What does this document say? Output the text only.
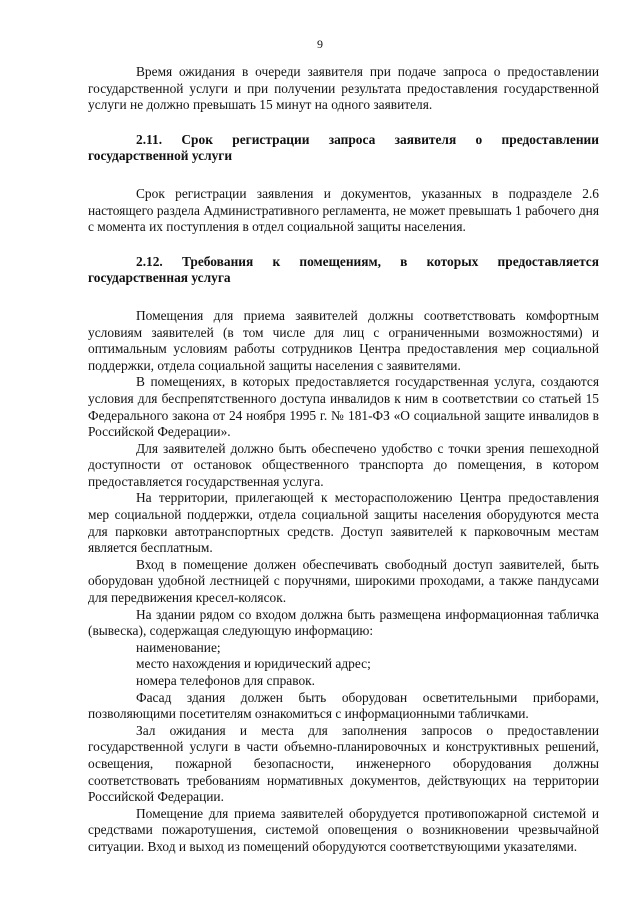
9

Время ожидания в очереди заявителя при подаче запроса о предоставлении государственной услуги и при получении результата предоставления государственной услуги не должно превышать 15 минут на одного заявителя.

2.11. Срок регистрации запроса заявителя о предоставлении государственной услуги

Срок регистрации заявления и документов, указанных в подразделе 2.6 настоящего раздела Административного регламента, не может превышать 1 рабочего дня с момента их поступления в отдел социальной защиты населения.

2.12. Требования к помещениям, в которых предоставляется государственная услуга

Помещения для приема заявителей должны соответствовать комфортным условиям заявителей (в том числе для лиц с ограниченными возможностями) и оптимальным условиям работы сотрудников Центра предоставления мер социальной поддержки, отдела социальной защиты населения с заявителями.

В помещениях, в которых предоставляется государственная услуга, создаются условия для беспрепятственного доступа инвалидов к ним в соответствии со статьей 15 Федерального закона от 24 ноября 1995 г. № 181-ФЗ «О социальной защите инвалидов в Российской Федерации».

Для заявителей должно быть обеспечено удобство с точки зрения пешеходной доступности от остановок общественного транспорта до помещения, в котором предоставляется государственная услуга.

На территории, прилегающей к месторасположению Центра предоставления мер социальной поддержки, отдела социальной защиты населения оборудуются места для парковки автотранспортных средств. Доступ заявителей к парковочным местам является бесплатным.

Вход в помещение должен обеспечивать свободный доступ заявителей, быть оборудован удобной лестницей с поручнями, широкими проходами, а также пандусами для передвижения кресел-колясок.

На здании рядом со входом должна быть размещена информационная табличка (вывеска), содержащая следующую информацию:

наименование;

место нахождения и юридический адрес;

номера телефонов для справок.

Фасад здания должен быть оборудован осветительными приборами, позволяющими посетителям ознакомиться с информационными табличками.

Зал ожидания и места для заполнения запросов о предоставлении государственной услуги в части объемно-планировочных и конструктивных решений, освещения, пожарной безопасности, инженерного оборудования должны соответствовать требованиям нормативных документов, действующих на территории Российской Федерации.

Помещение для приема заявителей оборудуется противопожарной системой и средствами пожаротушения, системой оповещения о возникновении чрезвычайной ситуации. Вход и выход из помещений оборудуются соответствующими указателями.
